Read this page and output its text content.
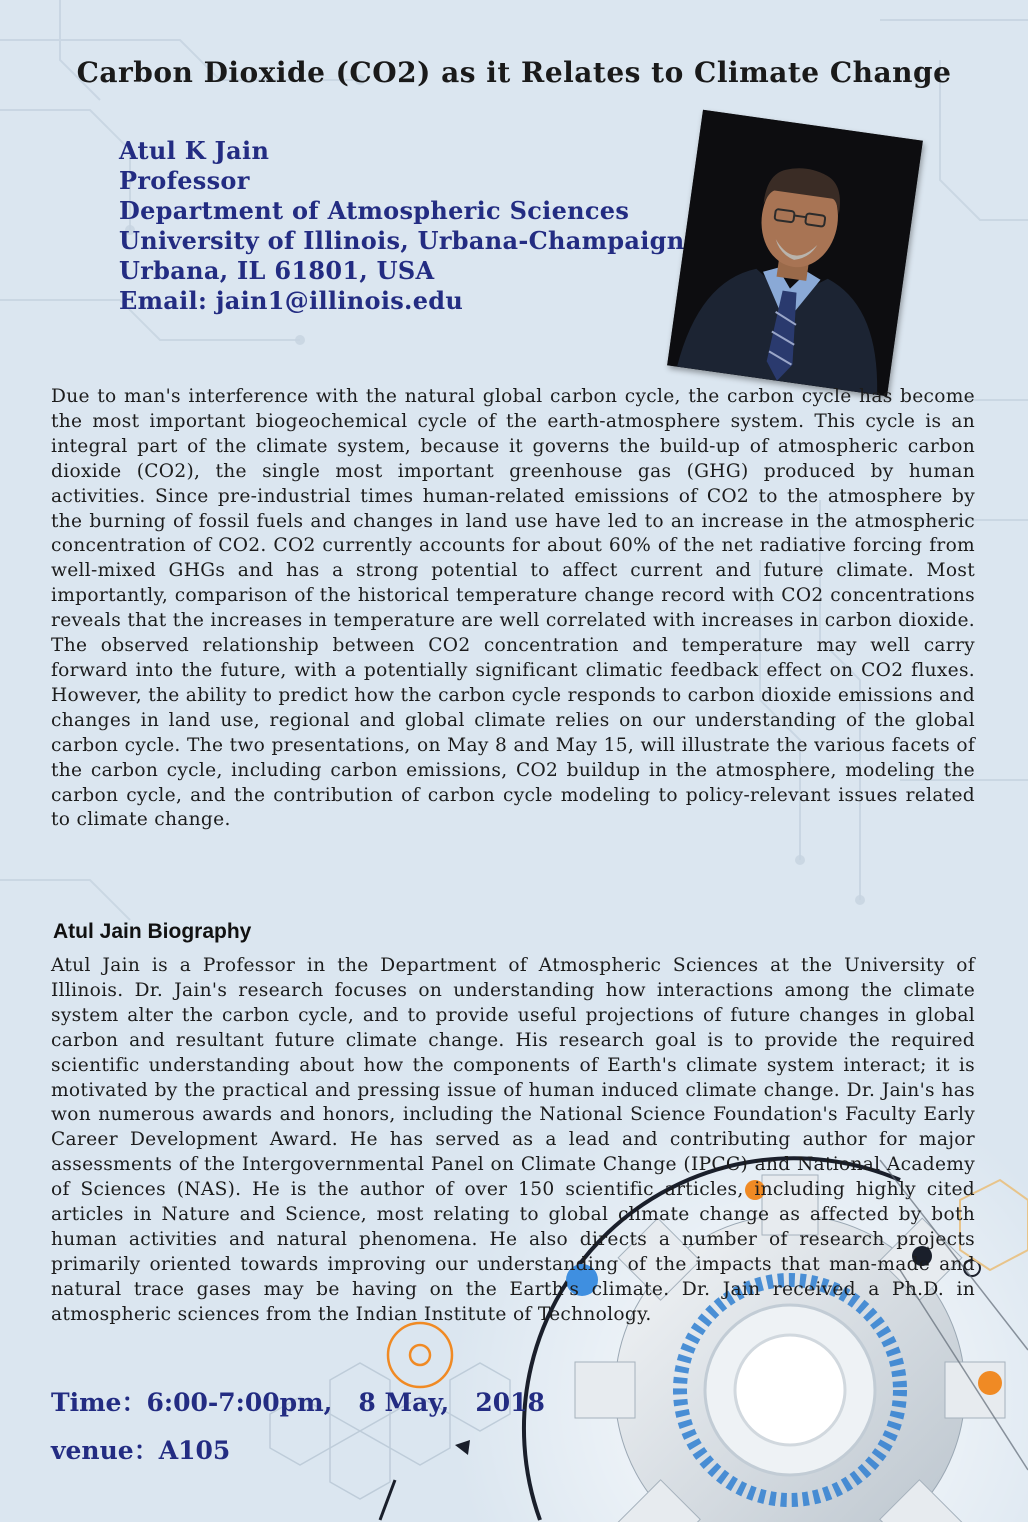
Carbon Dioxide (CO2) as it Relates to Climate Change
Atul K Jain
Professor
Department of Atmospheric Sciences
University of Illinois, Urbana-Champaign
Urbana, IL 61801, USA
Email: jain1@illinois.edu
Due to man's interference with the natural global carbon cycle, the carbon cycle has become the most important biogeochemical cycle of the earth-atmosphere system. This cycle is an integral part of the climate system, because it governs the build-up of atmospheric carbon dioxide (CO2), the single most important greenhouse gas (GHG) produced by human activities. Since pre-industrial times human-related emissions of CO2 to the atmosphere by the burning of fossil fuels and changes in land use have led to an increase in the atmospheric concentration of CO2. CO2 currently accounts for about 60% of the net radiative forcing from well-mixed GHGs and has a strong potential to affect current and future climate. Most importantly, comparison of the historical temperature change record with CO2 concentrations reveals that the increases in temperature are well correlated with increases in carbon dioxide. The observed relationship between CO2 concentration and temperature may well carry forward into the future, with a potentially significant climatic feedback effect on CO2 fluxes. However, the ability to predict how the carbon cycle responds to carbon dioxide emissions and changes in land use, regional and global climate relies on our understanding of the global carbon cycle. The two presentations, on May 8 and May 15, will illustrate the various facets of the carbon cycle, including carbon emissions, CO2 buildup in the atmosphere, modeling the carbon cycle, and the contribution of carbon cycle modeling to policy-relevant issues related to climate change.
Atul Jain Biography
Atul Jain is a Professor in the Department of Atmospheric Sciences at the University of Illinois. Dr. Jain's research focuses on understanding how interactions among the climate system alter the carbon cycle, and to provide useful projections of future changes in global carbon and resultant future climate change. His research goal is to provide the required scientific understanding about how the components of Earth's climate system interact; it is motivated by the practical and pressing issue of human induced climate change. Dr. Jain's has won numerous awards and honors, including the National Science Foundation's Faculty Early Career Development Award. He has served as a lead and contributing author for major assessments of the Intergovernmental Panel on Climate Change (IPCC) and National Academy of Sciences (NAS). He is the author of over 150 scientific articles, including highly cited articles in Nature and Science, most relating to global climate change as affected by both human activities and natural phenomena. He also directs a number of research projects primarily oriented towards improving our understanding of the impacts that man-made and natural trace gases may be having on the Earth's climate. Dr. Jain received a Ph.D. in atmospheric sciences from the Indian Institute of Technology.
Time：6:00-7:00pm,   8 May,   2018
venue：A105
